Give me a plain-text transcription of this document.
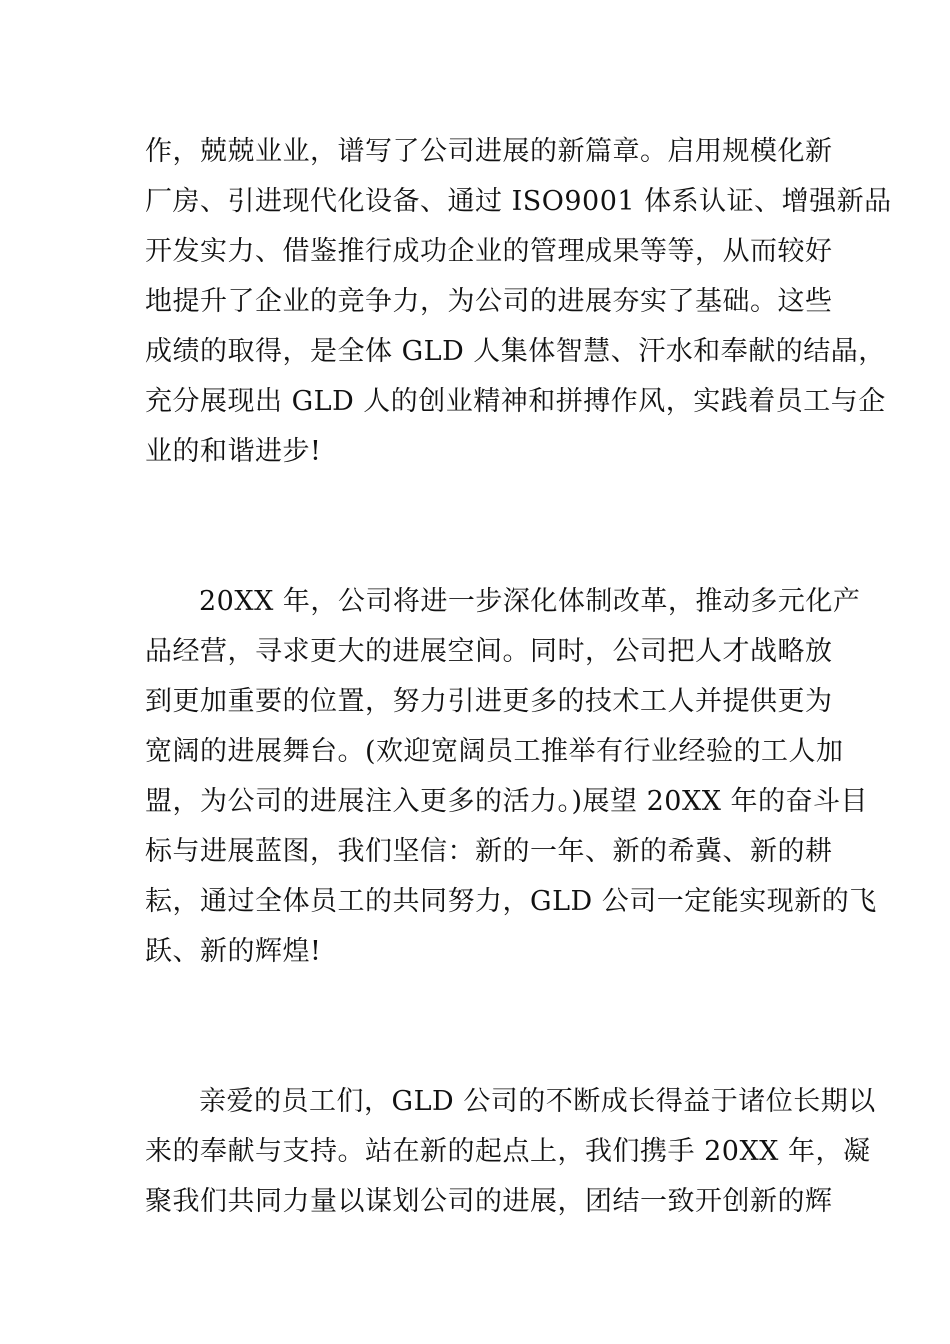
作，兢兢业业，谱写了公司进展的新篇章。启用规模化新
厂房、引进现代化设备、通过 ISO9001 体系认证、增强新品
开发实力、借鉴推行成功企业的管理成果等等，从而较好
地提升了企业的竞争力，为公司的进展夯实了基础。这些
成绩的取得，是全体 GLD 人集体智慧、汗水和奉献的结晶，
充分展现出 GLD 人的创业精神和拼搏作风，实践着员工与企
业的和谐进步!
20XX 年，公司将进一步深化体制改革，推动多元化产
品经营，寻求更大的进展空间。同时，公司把人才战略放
到更加重要的位置，努力引进更多的技术工人并提供更为
宽阔的进展舞台。(欢迎宽阔员工推举有行业经验的工人加
盟，为公司的进展注入更多的活力。)展望 20XX 年的奋斗目
标与进展蓝图，我们坚信：新的一年、新的希冀、新的耕
耘，通过全体员工的共同努力，GLD 公司一定能实现新的飞
跃、新的辉煌!
亲爱的员工们，GLD 公司的不断成长得益于诸位长期以
来的奉献与支持。站在新的起点上，我们携手 20XX 年，凝
聚我们共同力量以谋划公司的进展，团结一致开创新的辉
